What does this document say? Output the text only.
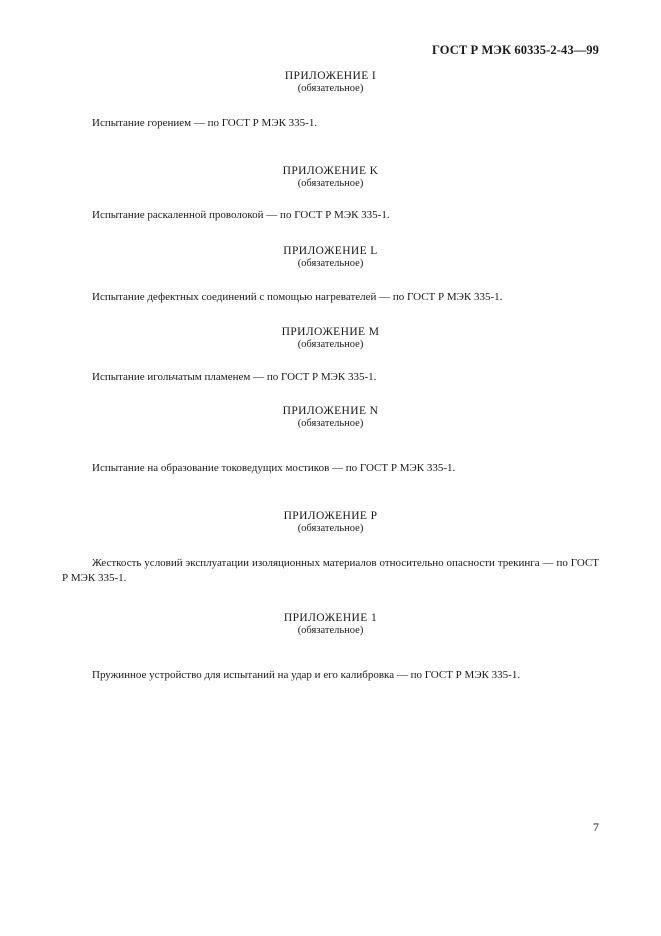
ГОСТ Р МЭК 60335-2-43—99
ПРИЛОЖЕНИЕ I
(обязательное)
Испытание горением — по ГОСТ Р МЭК 335-1.
ПРИЛОЖЕНИЕ K
(обязательное)
Испытание раскаленной проволокой — по ГОСТ Р МЭК 335-1.
ПРИЛОЖЕНИЕ L
(обязательное)
Испытание дефектных соединений с помощью нагревателей — по ГОСТ Р МЭК 335-1.
ПРИЛОЖЕНИЕ М
(обязательное)
Испытание игольчатым пламенем — по ГОСТ Р МЭК 335-1.
ПРИЛОЖЕНИЕ N
(обязательное)
Испытание на образование токоведущих мостиков — по ГОСТ Р МЭК 335-1.
ПРИЛОЖЕНИЕ Р
(обязательное)
Жесткость условий эксплуатации изоляционных материалов относительно опасности трекинга — по ГОСТ Р МЭК 335-1.
ПРИЛОЖЕНИЕ 1
(обязательное)
Пружинное устройство для испытаний на удар и его калибровка — по ГОСТ Р МЭК 335-1.
7
